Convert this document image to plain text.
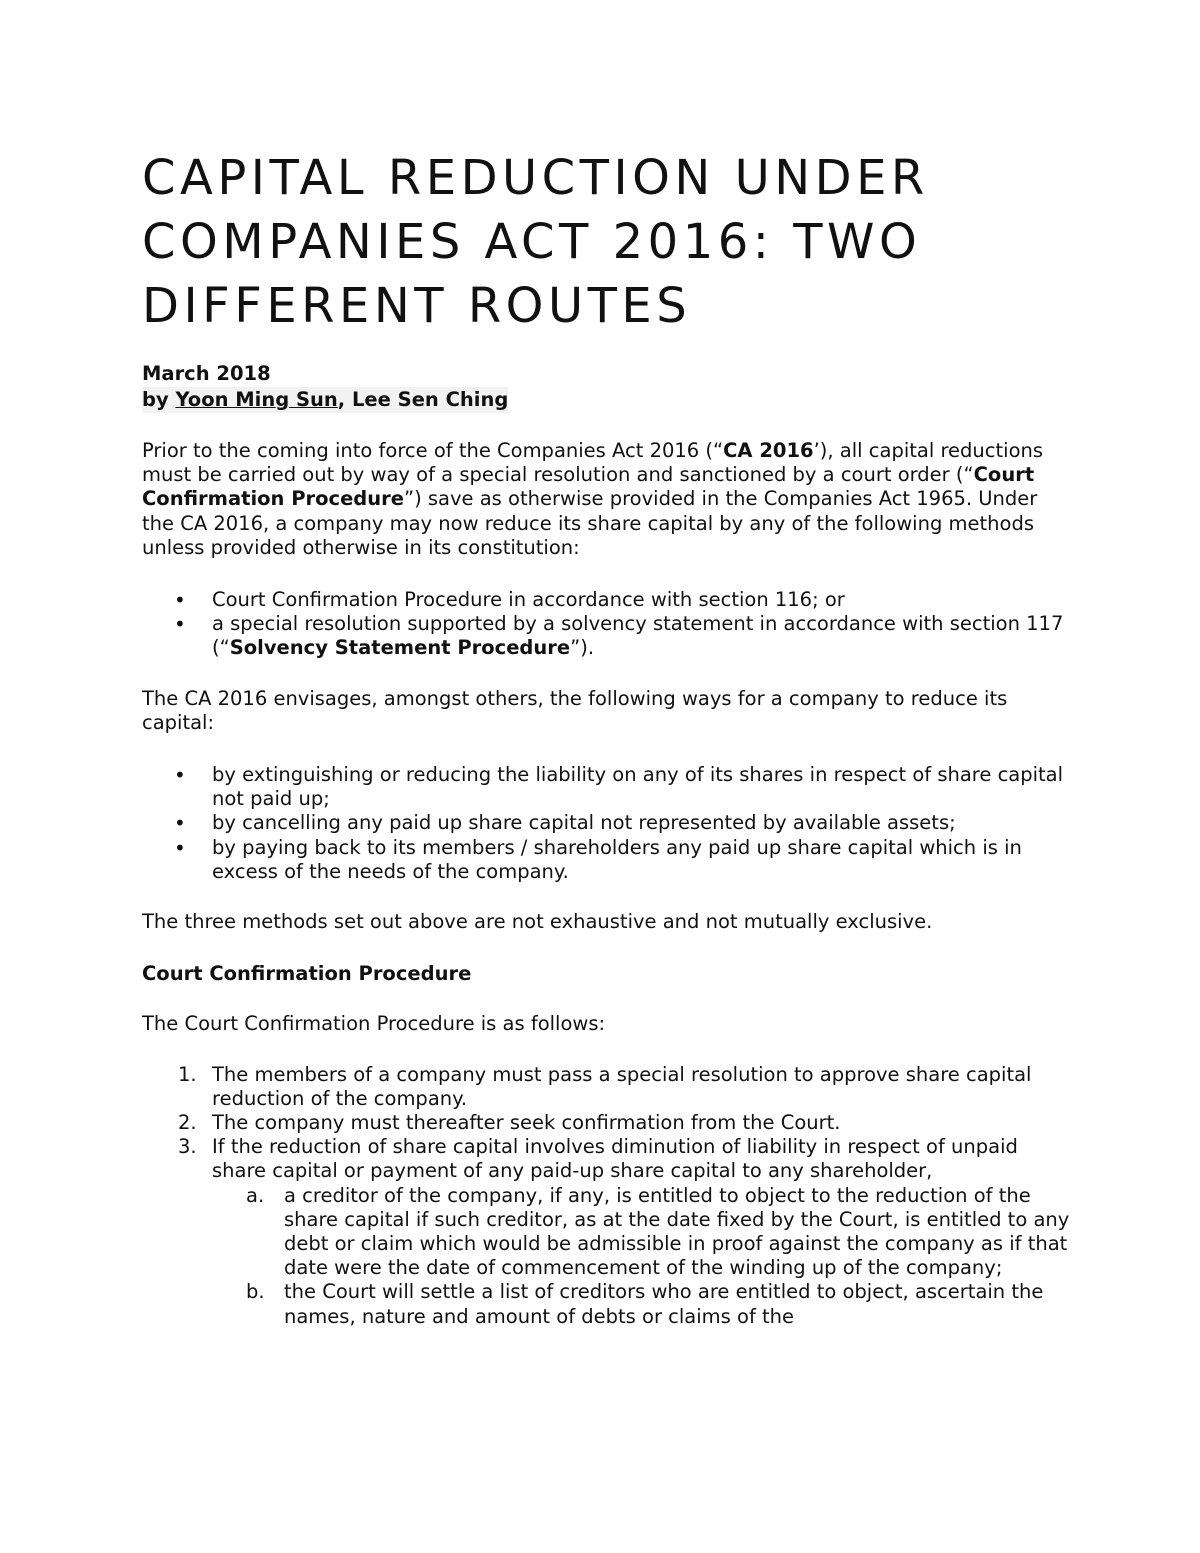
CAPITAL REDUCTION UNDER
COMPANIES ACT 2016: TWO
DIFFERENT ROUTES
March 2018
by Yoon Ming Sun, Lee Sen Ching

Prior to the coming into force of the Companies Act 2016 (“CA 2016’), all capital reductions must be carried out by way of a special resolution and sanctioned by a court order (“Court Confirmation Procedure”) save as otherwise provided in the Companies Act 1965. Under the CA 2016, a company may now reduce its share capital by any of the following methods unless provided otherwise in its constitution:

• Court Confirmation Procedure in accordance with section 116; or
• a special resolution supported by a solvency statement in accordance with section 117 (“Solvency Statement Procedure”).

The CA 2016 envisages, amongst others, the following ways for a company to reduce its capital:

• by extinguishing or reducing the liability on any of its shares in respect of share capital not paid up;
• by cancelling any paid up share capital not represented by available assets;
• by paying back to its members / shareholders any paid up share capital which is in excess of the needs of the company.

The three methods set out above are not exhaustive and not mutually exclusive.

Court Confirmation Procedure

The Court Confirmation Procedure is as follows:

1. The members of a company must pass a special resolution to approve share capital reduction of the company.
2. The company must thereafter seek confirmation from the Court.
3. If the reduction of share capital involves diminution of liability in respect of unpaid share capital or payment of any paid-up share capital to any shareholder,
a. a creditor of the company, if any, is entitled to object to the reduction of the share capital if such creditor, as at the date fixed by the Court, is entitled to any debt or claim which would be admissible in proof against the company as if that date were the date of commencement of the winding up of the company;
b. the Court will settle a list of creditors who are entitled to object, ascertain the names, nature and amount of debts or claims of the
